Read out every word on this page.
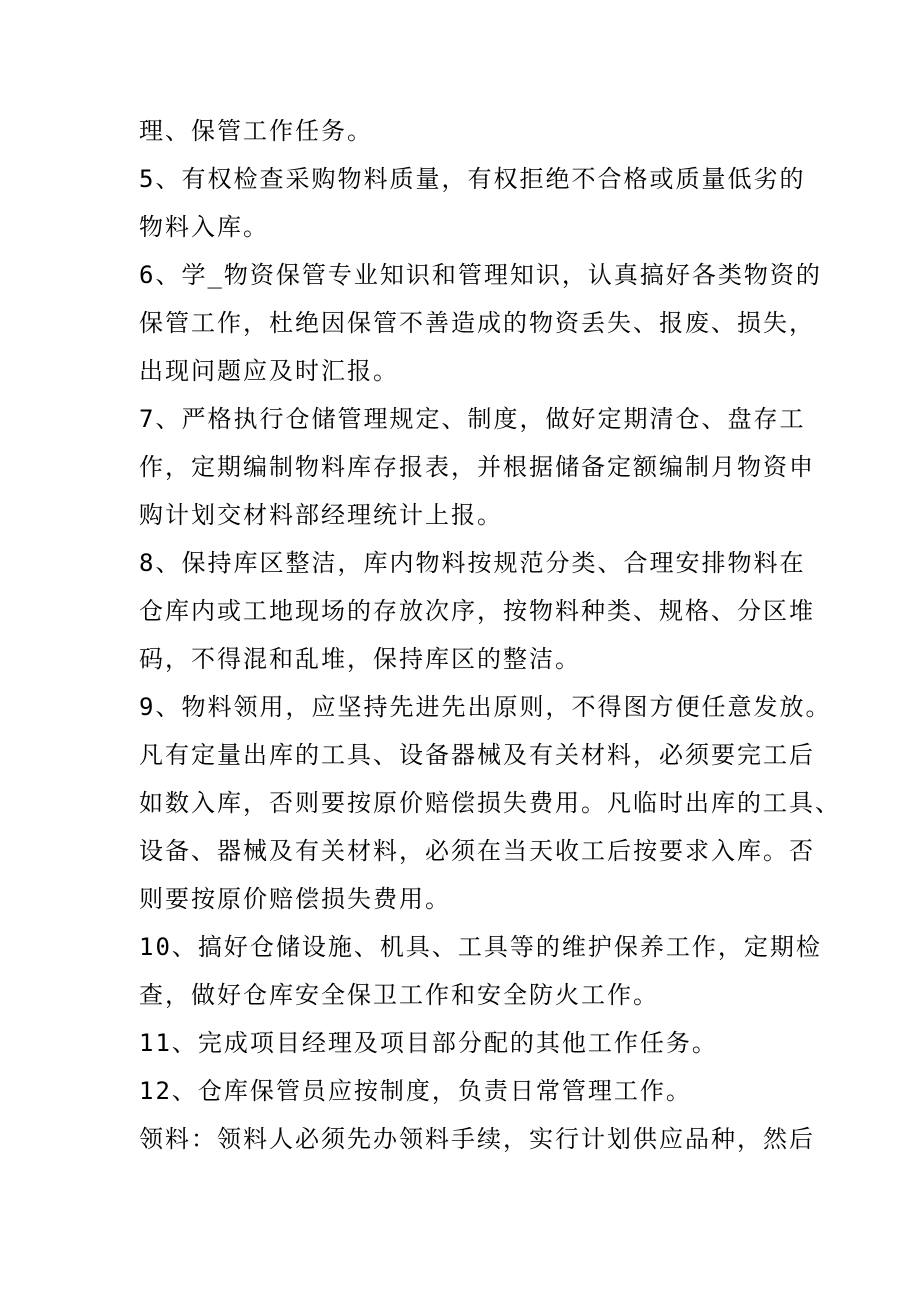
理、保管工作任务。
5、有权检查采购物料质量，有权拒绝不合格或质量低劣的
物料入库。
6、学_物资保管专业知识和管理知识，认真搞好各类物资的
保管工作，杜绝因保管不善造成的物资丢失、报废、损失，
出现问题应及时汇报。
7、严格执行仓储管理规定、制度，做好定期清仓、盘存工
作，定期编制物料库存报表，并根据储备定额编制月物资申
购计划交材料部经理统计上报。
8、保持库区整洁，库内物料按规范分类、合理安排物料在
仓库内或工地现场的存放次序，按物料种类、规格、分区堆
码，不得混和乱堆，保持库区的整洁。
9、物料领用，应坚持先进先出原则，不得图方便任意发放。
凡有定量出库的工具、设备器械及有关材料，必须要完工后
如数入库，否则要按原价赔偿损失费用。凡临时出库的工具、
设备、器械及有关材料，必须在当天收工后按要求入库。否
则要按原价赔偿损失费用。
10、搞好仓储设施、机具、工具等的维护保养工作，定期检
查，做好仓库安全保卫工作和安全防火工作。
11、完成项目经理及项目部分配的其他工作任务。
12、仓库保管员应按制度，负责日常管理工作。
领料：领料人必须先办领料手续，实行计划供应品种，然后
